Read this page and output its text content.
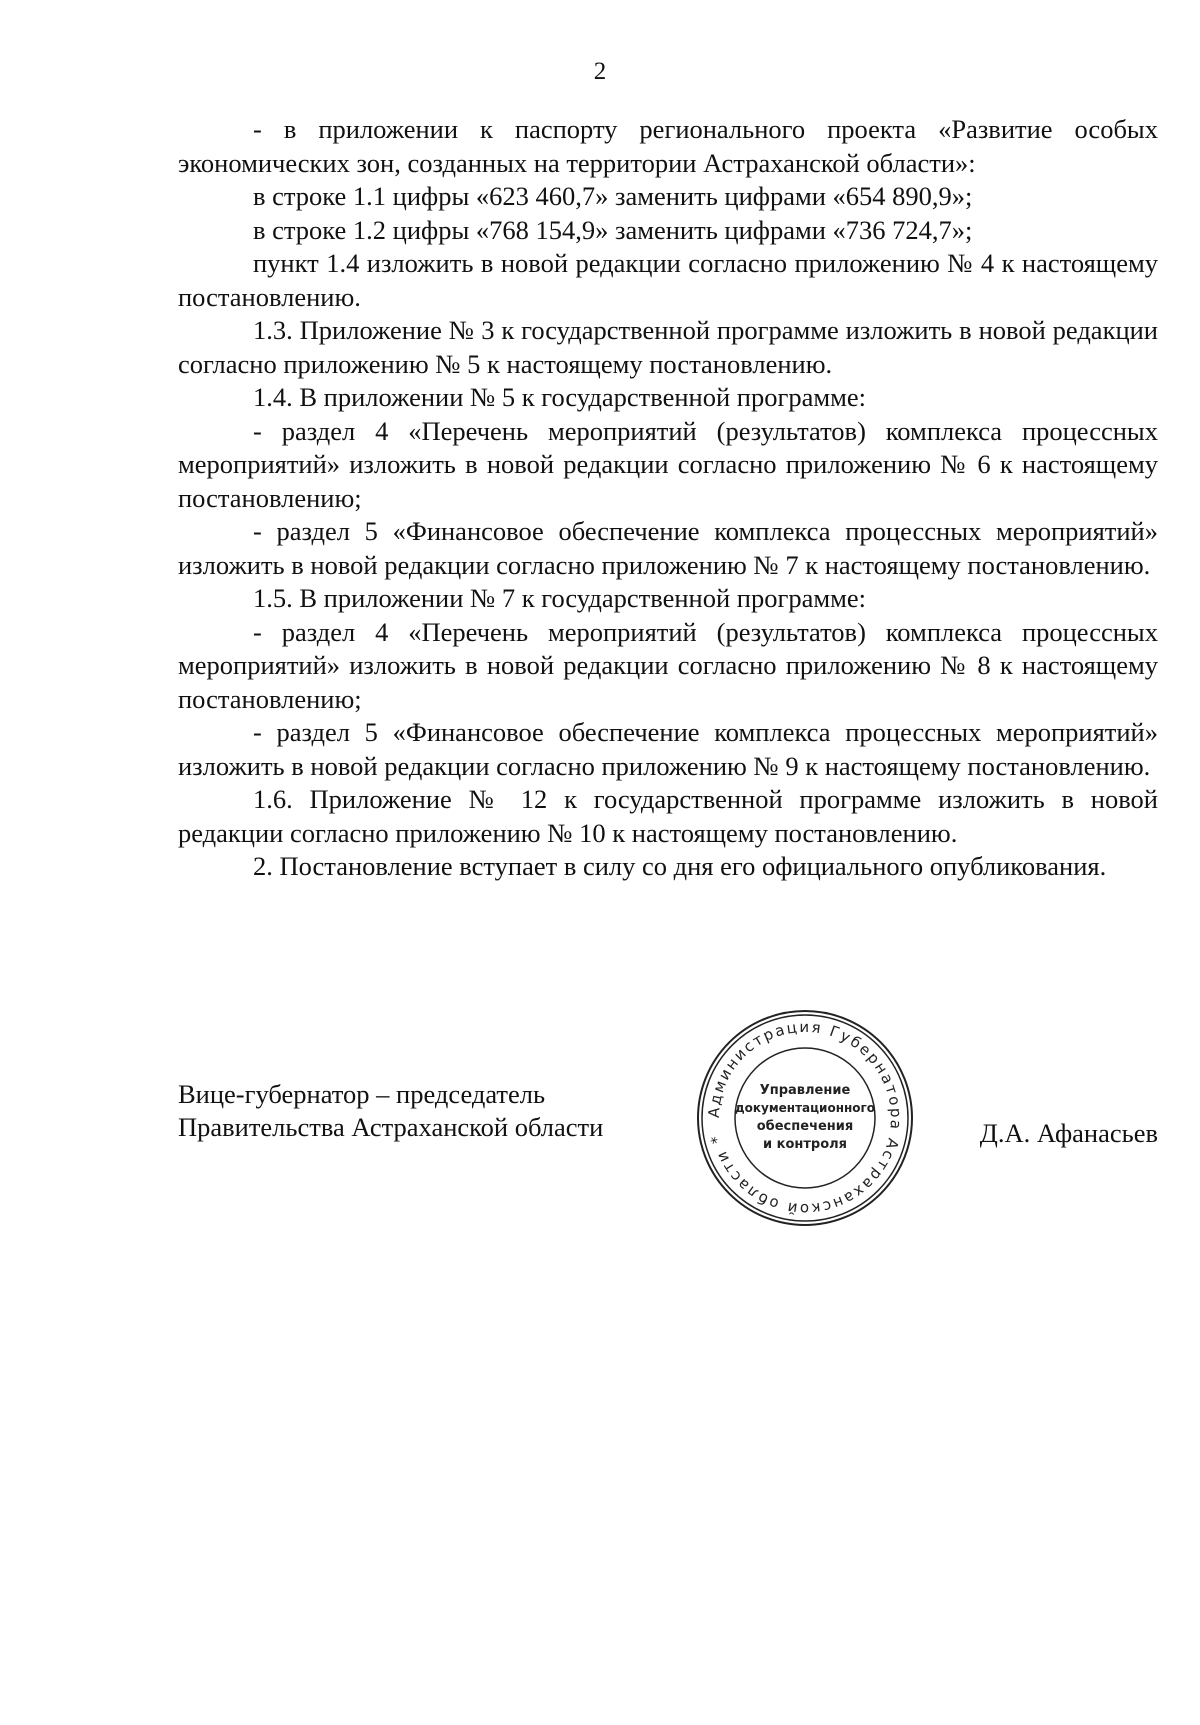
2

- в приложении к паспорту регионального проекта «Развитие особых экономических зон, созданных на территории Астраханской области»:

в строке 1.1 цифры «623 460,7» заменить цифрами «654 890,9»;

в строке 1.2 цифры «768 154,9» заменить цифрами «736 724,7»;

пункт 1.4 изложить в новой редакции согласно приложению № 4 к настоящему постановлению.

1.3. Приложение № 3 к государственной программе изложить в новой редакции согласно приложению № 5 к настоящему постановлению.

1.4. В приложении № 5 к государственной программе:

- раздел 4 «Перечень мероприятий (результатов) комплекса процессных мероприятий» изложить в новой редакции согласно приложению № 6 к настоящему постановлению;

- раздел 5 «Финансовое обеспечение комплекса процессных мероприятий» изложить в новой редакции согласно приложению № 7 к настоящему постановлению.

1.5. В приложении № 7 к государственной программе:

- раздел 4 «Перечень мероприятий (результатов) комплекса процессных мероприятий» изложить в новой редакции согласно приложению № 8 к настоящему постановлению;

- раздел 5 «Финансовое обеспечение комплекса процессных мероприятий» изложить в новой редакции согласно приложению № 9 к настоящему постановлению.

1.6. Приложение № 12 к государственной программе изложить в новой редакции согласно приложению № 10 к настоящему постановлению.

2. Постановление вступает в силу со дня его официального опубликования.

Вице-губернатор – председатель
Правительства Астраханской области
Администрация Губернатора Астраханской области *
Управление
документационного
обеспечения
и контроля	Д.А. Афанасьев
